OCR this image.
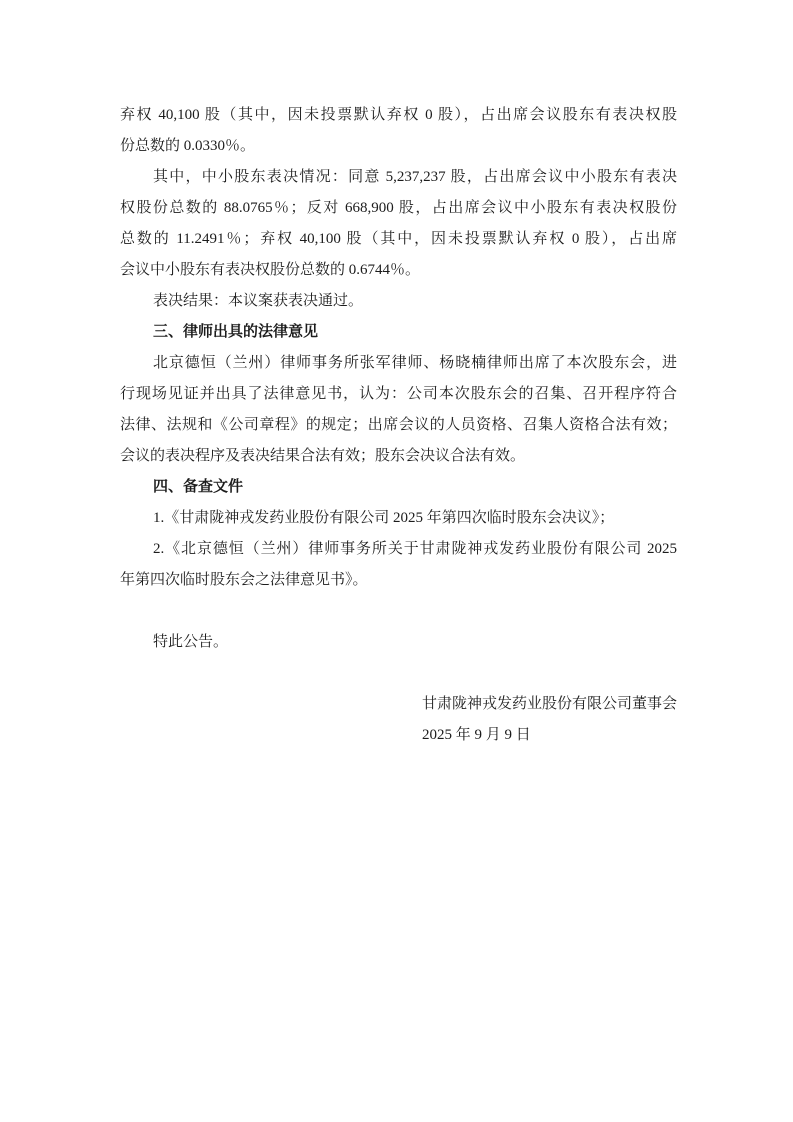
弃权 40,100 股（其中，因未投票默认弃权 0 股），占出席会议股东有表决权股
份总数的 0.0330％。
其中，中小股东表决情况：同意 5,237,237 股，占出席会议中小股东有表决
权股份总数的 88.0765％；反对 668,900 股，占出席会议中小股东有表决权股份
总数的 11.2491％；弃权 40,100 股（其中，因未投票默认弃权 0 股），占出席
会议中小股东有表决权股份总数的 0.6744％。
表决结果：本议案获表决通过。
三、律师出具的法律意见
北京德恒（兰州）律师事务所张军律师、杨晓楠律师出席了本次股东会，进
行现场见证并出具了法律意见书，认为：公司本次股东会的召集、召开程序符合
法律、法规和《公司章程》的规定；出席会议的人员资格、召集人资格合法有效；
会议的表决程序及表决结果合法有效；股东会决议合法有效。
四、备查文件
1.《甘肃陇神戎发药业股份有限公司 2025 年第四次临时股东会决议》；
2.《北京德恒（兰州）律师事务所关于甘肃陇神戎发药业股份有限公司 2025
年第四次临时股东会之法律意见书》。
特此公告。
甘肃陇神戎发药业股份有限公司董事会
2025 年 9 月 9 日
